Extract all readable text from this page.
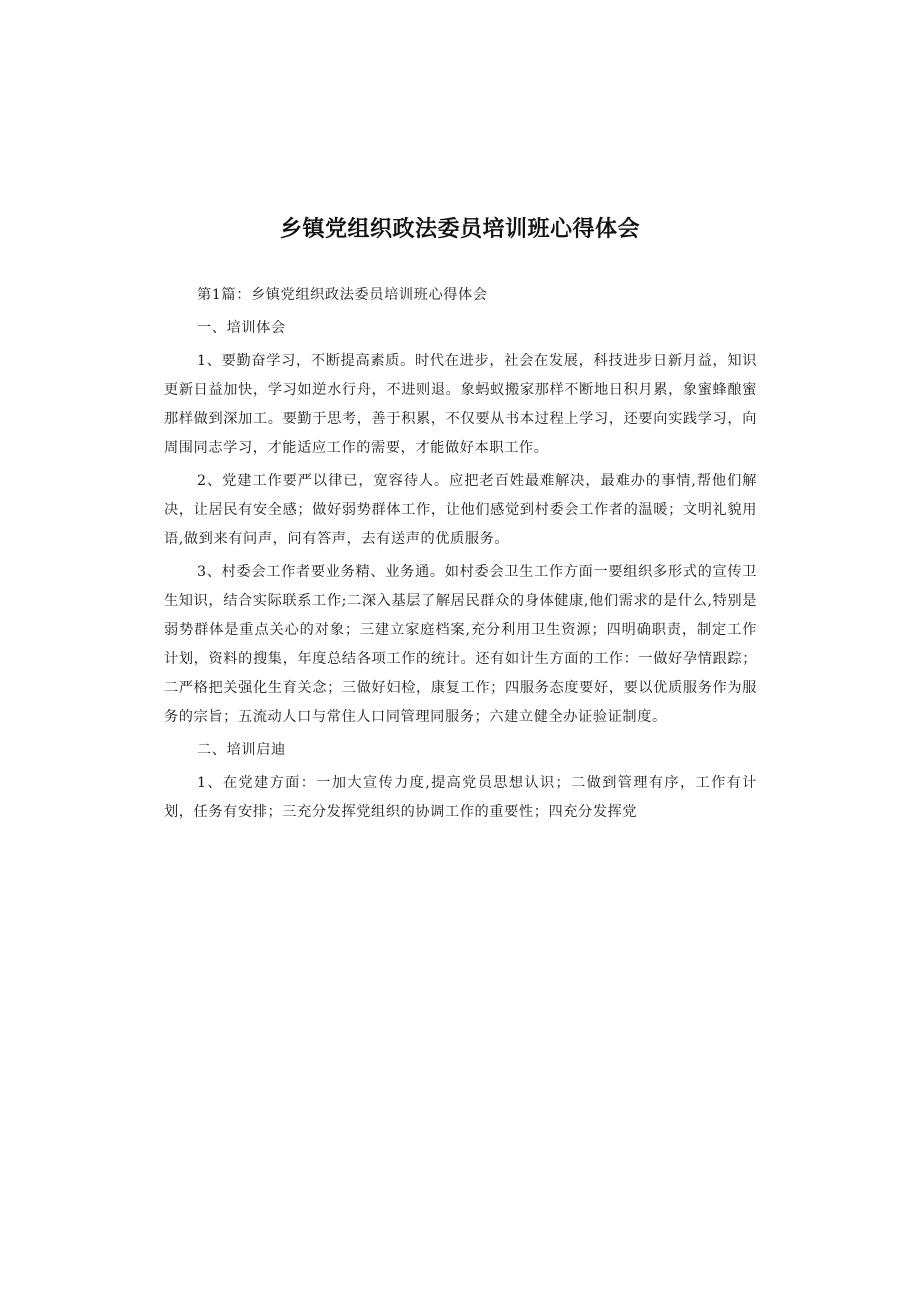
乡镇党组织政法委员培训班心得体会

第1篇：乡镇党组织政法委员培训班心得体会

一、培训体会

1、要勤奋学习，不断提高素质。时代在进步，社会在发展，科技进步日新月益，知识更新日益加快，学习如逆水行舟，不进则退。象蚂蚁搬家那样不断地日积月累，象蜜蜂酿蜜那样做到深加工。要勤于思考，善于积累，不仅要从书本过程上学习，还要向实践学习，向周围同志学习，才能适应工作的需要，才能做好本职工作。

2、党建工作要严以律已，宽容待人。应把老百姓最难解决，最难办的事情,帮他们解决，让居民有安全感；做好弱势群体工作，让他们感觉到村委会工作者的温暖；文明礼貌用语,做到来有问声，问有答声，去有送声的优质服务。

3、村委会工作者要业务精、业务通。如村委会卫生工作方面一要组织多形式的宣传卫生知识，结合实际联系工作;二深入基层了解居民群众的身体健康,他们需求的是什么,特别是弱势群体是重点关心的对象；三建立家庭档案,充分利用卫生资源；四明确职责，制定工作计划，资料的搜集，年度总结各项工作的统计。还有如计生方面的工作：一做好孕情跟踪；二严格把关强化生育关念；三做好妇检，康复工作；四服务态度要好，要以优质服务作为服务的宗旨；五流动人口与常住人口同管理同服务；六建立健全办证验证制度。

二、培训启迪

1、在党建方面：一加大宣传力度,提高党员思想认识；二做到管理有序，工作有计划，任务有安排；三充分发挥党组织的协调工作的重要性；四充分发挥党
